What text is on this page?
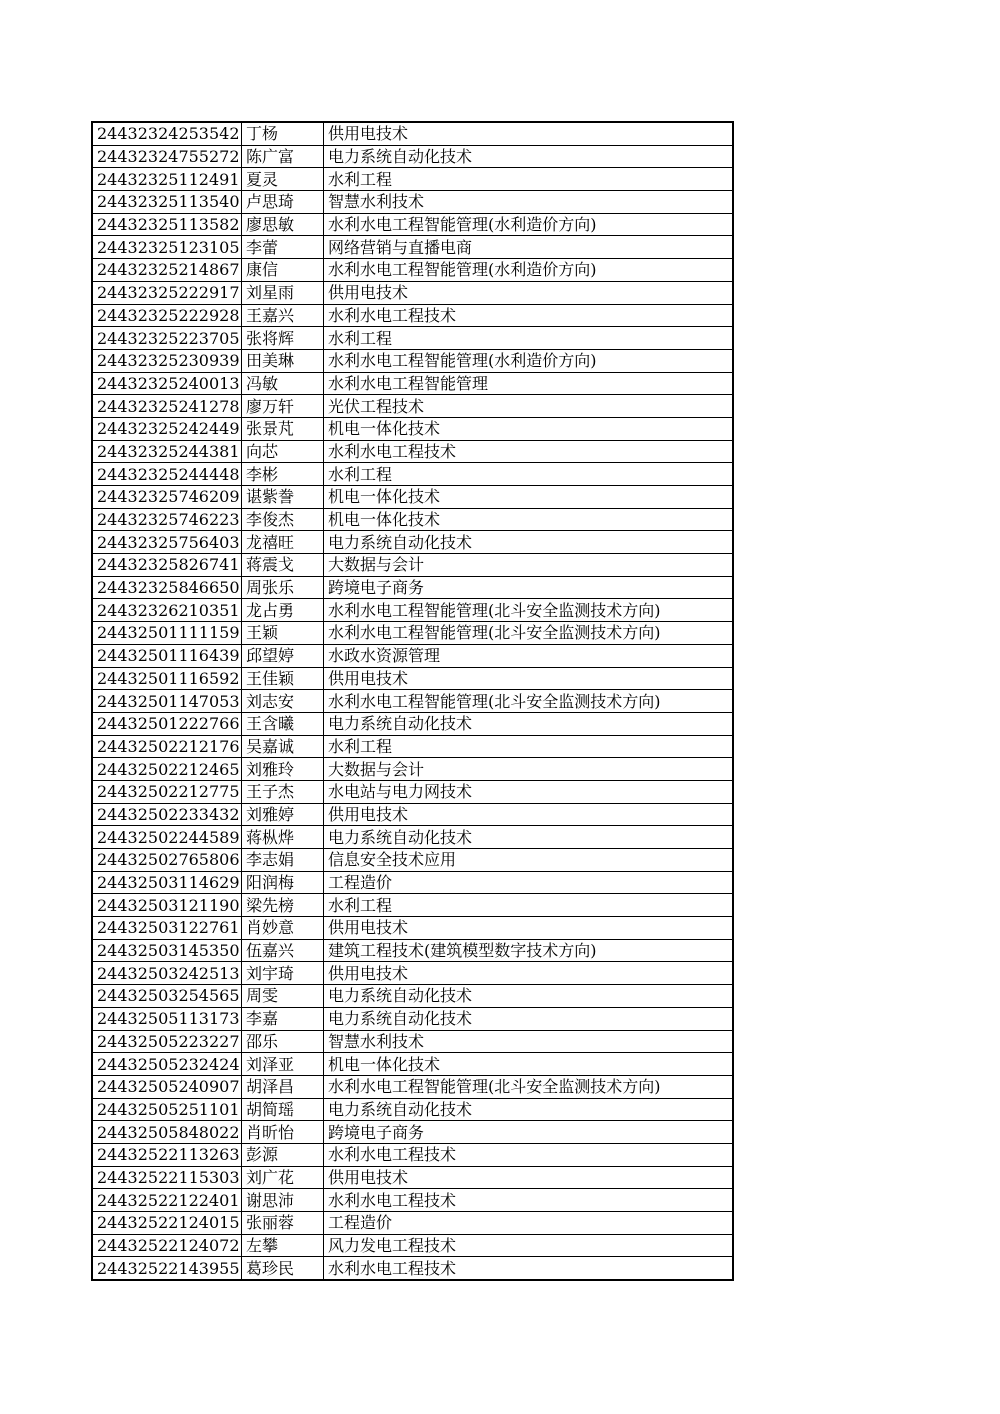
24432324253542	丁杨	供用电技术
24432324755272	陈广富	电力系统自动化技术
24432325112491	夏灵	水利工程
24432325113540	卢思琦	智慧水利技术
24432325113582	廖思敏	水利水电工程智能管理(水利造价方向)
24432325123105	李蕾	网络营销与直播电商
24432325214867	康信	水利水电工程智能管理(水利造价方向)
24432325222917	刘星雨	供用电技术
24432325222928	王嘉兴	水利水电工程技术
24432325223705	张将辉	水利工程
24432325230939	田美琳	水利水电工程智能管理(水利造价方向)
24432325240013	冯敏	水利水电工程智能管理
24432325241278	廖万轩	光伏工程技术
24432325242449	张景芃	机电一体化技术
24432325244381	向芯	水利水电工程技术
24432325244448	李彬	水利工程
24432325746209	谌紫誊	机电一体化技术
24432325746223	李俊杰	机电一体化技术
24432325756403	龙禧旺	电力系统自动化技术
24432325826741	蒋震戈	大数据与会计
24432325846650	周张乐	跨境电子商务
24432326210351	龙占勇	水利水电工程智能管理(北斗安全监测技术方向)
24432501111159	王颖	水利水电工程智能管理(北斗安全监测技术方向)
24432501116439	邱望婷	水政水资源管理
24432501116592	王佳颖	供用电技术
24432501147053	刘志安	水利水电工程智能管理(北斗安全监测技术方向)
24432501222766	王含曦	电力系统自动化技术
24432502212176	吴嘉诚	水利工程
24432502212465	刘雅玲	大数据与会计
24432502212775	王子杰	水电站与电力网技术
24432502233432	刘雅婷	供用电技术
24432502244589	蒋枞烨	电力系统自动化技术
24432502765806	李志娟	信息安全技术应用
24432503114629	阳润梅	工程造价
24432503121190	梁先榜	水利工程
24432503122761	肖妙意	供用电技术
24432503145350	伍嘉兴	建筑工程技术(建筑模型数字技术方向)
24432503242513	刘宇琦	供用电技术
24432503254565	周雯	电力系统自动化技术
24432505113173	李嘉	电力系统自动化技术
24432505223227	邵乐	智慧水利技术
24432505232424	刘泽亚	机电一体化技术
24432505240907	胡泽昌	水利水电工程智能管理(北斗安全监测技术方向)
24432505251101	胡简瑶	电力系统自动化技术
24432505848022	肖昕怡	跨境电子商务
24432522113263	彭源	水利水电工程技术
24432522115303	刘广花	供用电技术
24432522122401	谢思沛	水利水电工程技术
24432522124015	张丽蓉	工程造价
24432522124072	左攀	风力发电工程技术
24432522143955	葛珍民	水利水电工程技术
